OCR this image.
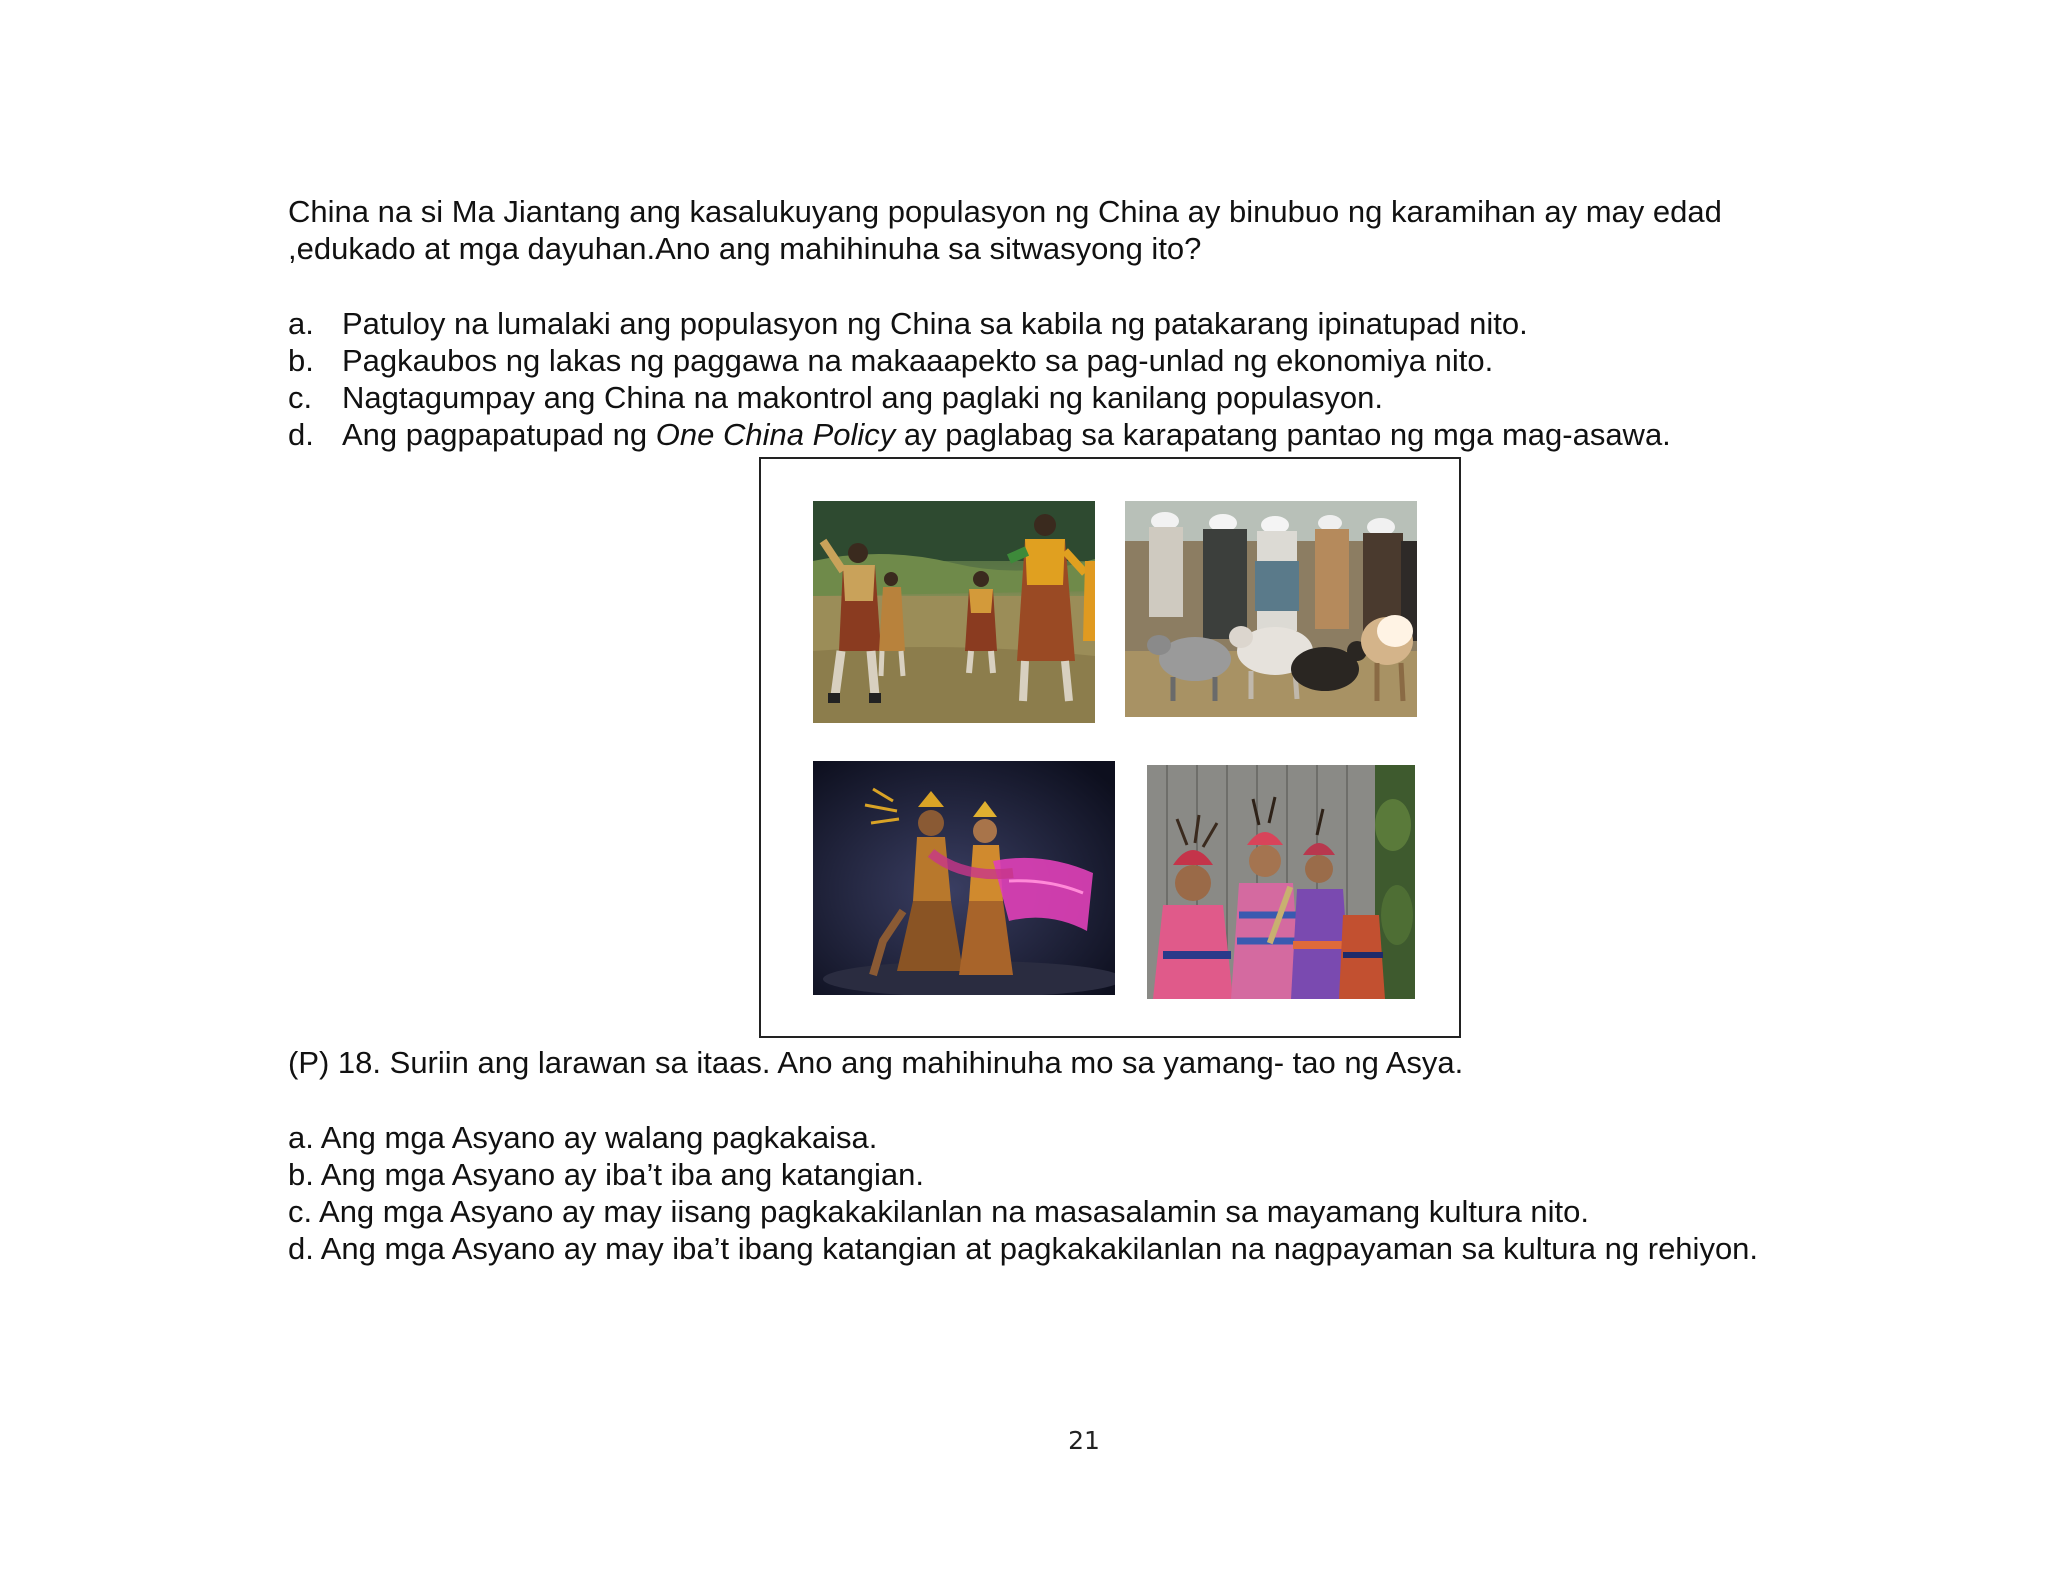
China na si Ma Jiantang ang kasalukuyang populasyon ng China ay binubuo ng karamihan ay may edad
,edukado at mga dayuhan.Ano ang mahihinuha sa sitwasyong ito?
a. Patuloy na lumalaki ang populasyon ng China sa kabila ng patakarang ipinatupad nito.
b. Pagkaubos ng lakas ng paggawa na makaaapekto sa pag-unlad ng ekonomiya nito.
c. Nagtagumpay ang China na makontrol ang paglaki ng kanilang populasyon.
d. Ang pagpapatupad ng One China Policy ay paglabag sa karapatang pantao ng mga mag-asawa.
(P) 18. Suriin ang larawan sa itaas. Ano ang mahihinuha mo sa yamang- tao ng Asya.
a. Ang mga Asyano ay walang pagkakaisa.
b. Ang mga Asyano ay iba’t iba ang katangian.
c. Ang mga Asyano ay may iisang pagkakakilanlan na masasalamin sa mayamang kultura nito.
d. Ang mga Asyano ay may iba’t ibang katangian at pagkakakilanlan na nagpayaman sa kultura ng rehiyon.
21
